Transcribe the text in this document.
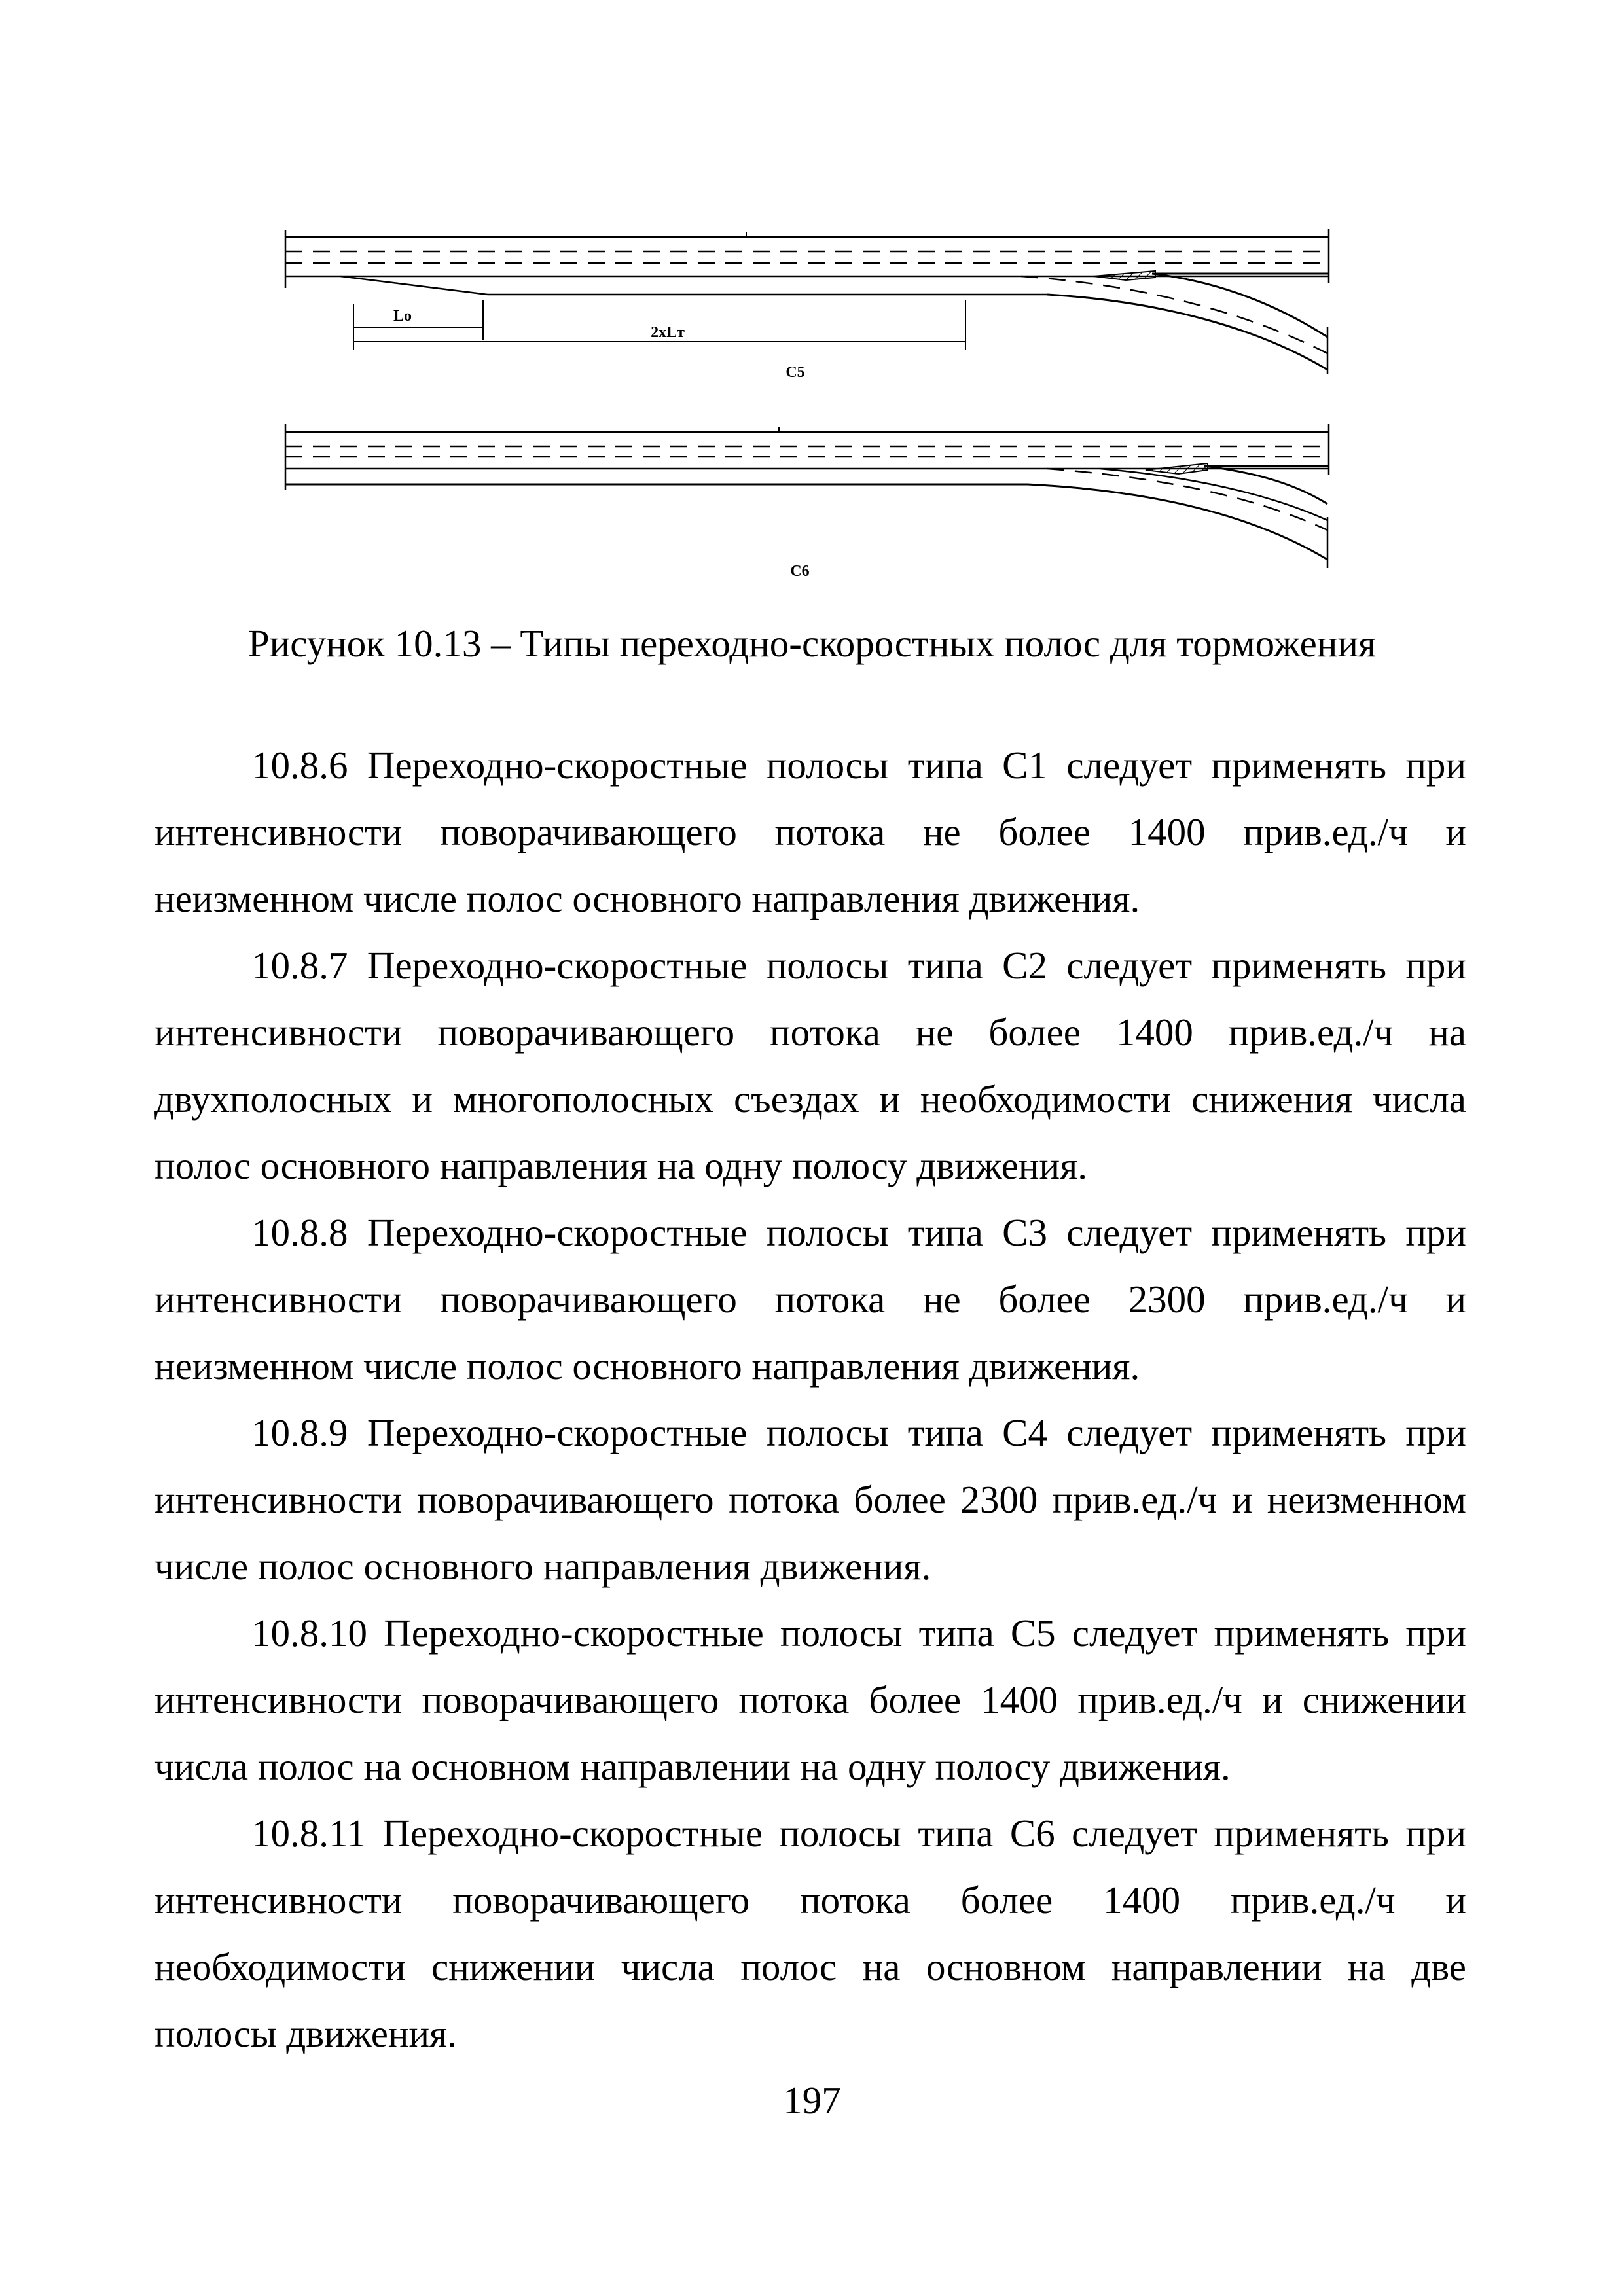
Lo
2xLт
С5
С6
Рисунок 10.13 – Типы переходно-скоростных полос для торможения

10.8.6 Переходно-скоростные полосы типа С1 следует применять при интенсивности поворачивающего потока не более 1400 прив.ед./ч и неизменном числе полос основного направления движения.

10.8.7 Переходно-скоростные полосы типа С2 следует применять при интенсивности поворачивающего потока не более 1400 прив.ед./ч на двухполосных и многополосных съездах и необходимости снижения числа полос основного направления на одну полосу движения.

10.8.8 Переходно-скоростные полосы типа С3 следует применять при интенсивности поворачивающего потока не более 2300 прив.ед./ч и неизменном числе полос основного направления движения.

10.8.9 Переходно-скоростные полосы типа С4 следует применять при интенсивности поворачивающего потока более 2300 прив.ед./ч и неизменном числе полос основного направления движения.

10.8.10 Переходно-скоростные полосы типа С5 следует применять при интенсивности поворачивающего потока более 1400 прив.ед./ч и снижении числа полос на основном направлении на одну полосу движения.

10.8.11 Переходно-скоростные полосы типа С6 следует применять при интенсивности поворачивающего потока более 1400 прив.ед./ч и необходимости снижении числа полос на основном направлении на две полосы движения.

197
